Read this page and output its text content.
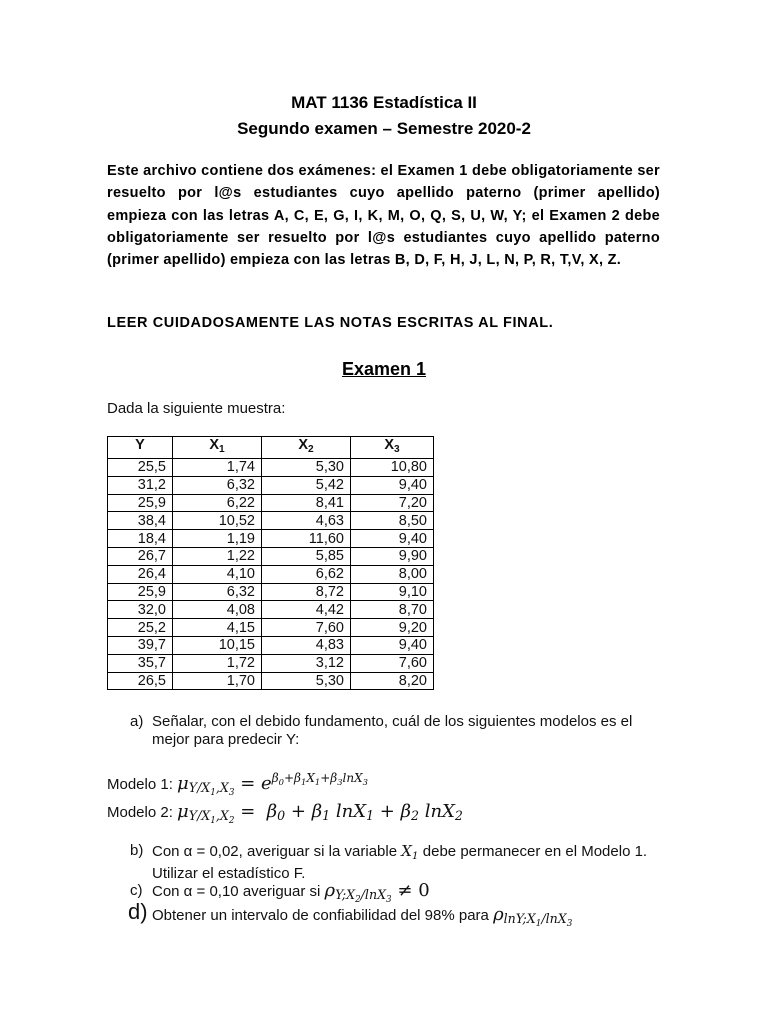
MAT 1136 Estadística II
Segundo examen – Semestre 2020-2
Este archivo contiene dos exámenes: el Examen 1 debe obligatoriamente ser resuelto por l@s estudiantes cuyo apellido paterno (primer apellido) empieza con las letras A, C, E, G, I, K, M, O, Q, S, U, W, Y; el Examen 2 debe obligatoriamente ser resuelto por l@s estudiantes cuyo apellido paterno (primer apellido) empieza con las letras B, D, F, H, J, L, N, P, R, T,V, X, Z.
LEER CUIDADOSAMENTE LAS NOTAS ESCRITAS AL FINAL.
Examen 1
Dada la siguiente muestra:
Y	$X_1$	$X_2$	$X_3$
25,5	1,74	5,30	10,80
31,2	6,32	5,42	9,40
25,9	6,22	8,41	7,20
38,4	10,52	4,63	8,50
18,4	1,19	11,60	9,40
26,7	1,22	5,85	9,90
26,4	4,10	6,62	8,00
25,9	6,32	8,72	9,10
32,0	4,08	4,42	8,70
25,2	4,15	7,60	9,20
39,7	10,15	4,83	9,40
35,7	1,72	3,12	7,60
26,5	1,70	5,30	8,20
a) Señalar, con el debido fundamento, cuál de los siguientes modelos es el mejor para predecir Y:
Modelo 1: $\mu_{Y/X_1,X_3} = e^{\beta_0+\beta_1X_1+\beta_3lnX_3}$
Modelo 2: $\mu_{Y/X_1,X_2} = \beta_0 + \beta_1$ $\ln X_1 + \beta_2$ lnX$_2$
b) Con α = 0,02, averiguar si la variable $X_1$ debe permanecer en el Modelo 1. Utilizar el estadístico F.
c) Con α = 0,10 averiguar si $\rho_{Y;X_2/lnX_3} \ne 0$
d) Obtener un intervalo de confiabilidad del 98% para $\rho_{lnY;X_1/lnX_3}$
